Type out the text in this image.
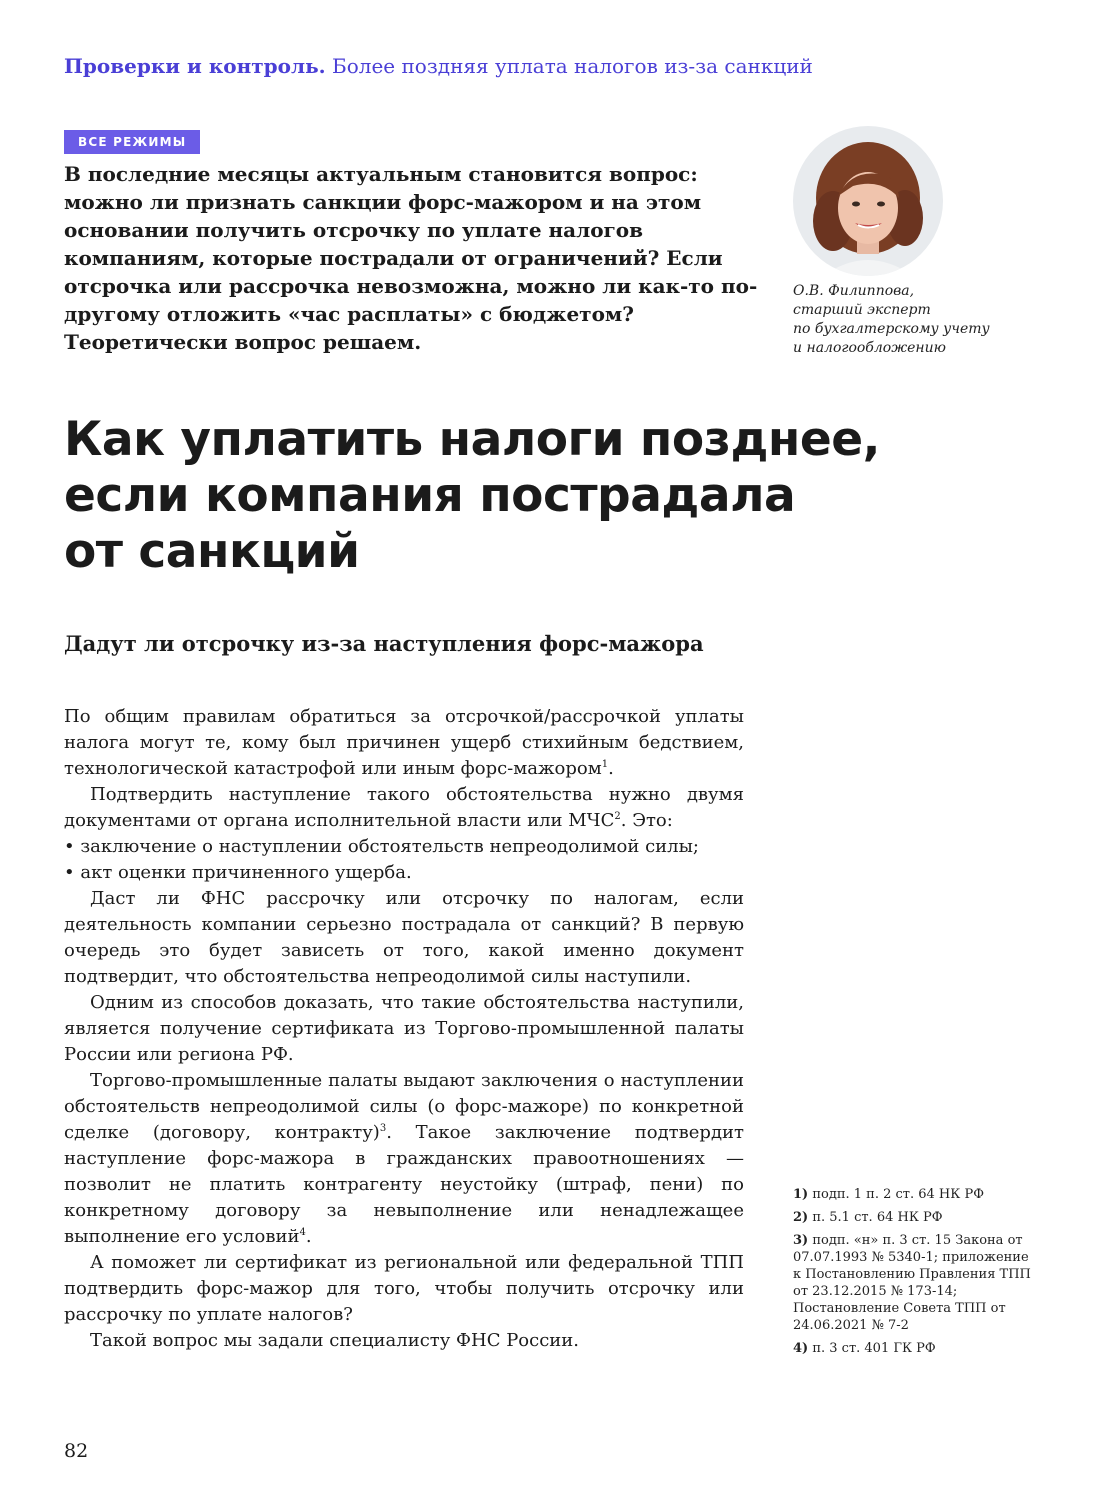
Проверки и контроль. Более поздняя уплата налогов из-за санкций
ВСЕ РЕЖИМЫ

В последние месяцы актуальным становится вопрос: можно ли признать санкции форс-мажором и на этом основании получить отсрочку по уплате налогов компаниям, которые пострадали от ограничений? Если отсрочка или рассрочка невозможна, можно ли как-то по-другому отложить «час расплаты» с бюджетом? Теоретически вопрос решаем.

О.В. Филиппова,
старший эксперт
по бухгалтерскому учету
и налогообложению
Как уплатить налоги позднее,
если компания пострадала
от санкций
Дадут ли отсрочку из-за наступления форс-мажора

По общим правилам обратиться за отсрочкой/рассрочкой уплаты налога могут те, кому был причинен ущерб стихийным бедствием, технологической катастрофой или иным форс-мажором$^1$.

Подтвердить наступление такого обстоятельства нужно двумя документами от органа исполнительной власти или МЧС$^2$. Это:

• заключение о наступлении обстоятельств непреодолимой силы;

• акт оценки причиненного ущерба.

Даст ли ФНС рассрочку или отсрочку по налогам, если деятельность компании серьезно пострадала от санкций? В первую очередь это будет зависеть от того, какой именно документ подтвердит, что обстоятельства непреодолимой силы наступили.

Одним из способов доказать, что такие обстоятельства наступили, является получение сертификата из Торгово-промышленной палаты России или региона РФ.

Торгово-промышленные палаты выдают заключения о наступлении обстоятельств непреодолимой силы (о форс-мажоре) по конкретной сделке (договору, контракту)$^3$. Такое заключение подтвердит наступление форс-мажора в гражданских правоотношениях — позволит не платить контрагенту неустойку (штраф, пени) по конкретному договору за невыполнение или ненадлежащее выполнение его условий$^4$.

А поможет ли сертификат из региональной или федеральной ТПП подтвердить форс-мажор для того, чтобы получить отсрочку или рассрочку по уплате налогов?

Такой вопрос мы задали специалисту ФНС России.

1) подп. 1 п. 2 ст. 64 НК РФ
2) п. 5.1 ст. 64 НК РФ
3) подп. «н» п. 3 ст. 15 Закона от 07.07.1993 № 5340-1; приложение к Постановлению Правления ТПП от 23.12.2015 № 173-14; Постановление Совета ТПП от 24.06.2021 № 7-2
4) п. 3 ст. 401 ГК РФ
82
